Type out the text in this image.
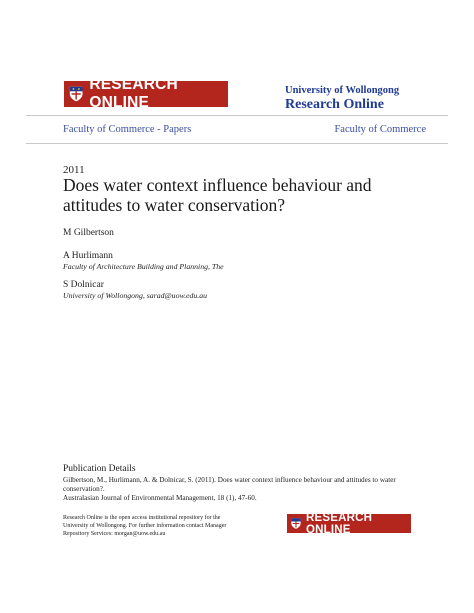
RESEARCH ONLINE
University of Wollongong
Research Online
Faculty of Commerce - Papers	Faculty of Commerce
2011
Does water context influence behaviour and
attitudes to water conservation?
M Gilbertson
A Hurlimann
Faculty of Architecture Building and Planning, The
S Dolnicar
University of Wollongong, sarad@uow.edu.au
Publication Details
Gilbertson, M., Hurlimann, A. & Dolnicar, S. (2011). Does water context influence behaviour and attitudes to water conservation?.
Australasian Journal of Environmental Management, 18 (1), 47-60.
Research Online is the open access institutional repository for the
University of Wollongong. For further information contact Manager
Repository Services: morgan@uow.edu.au
RESEARCH ONLINE
